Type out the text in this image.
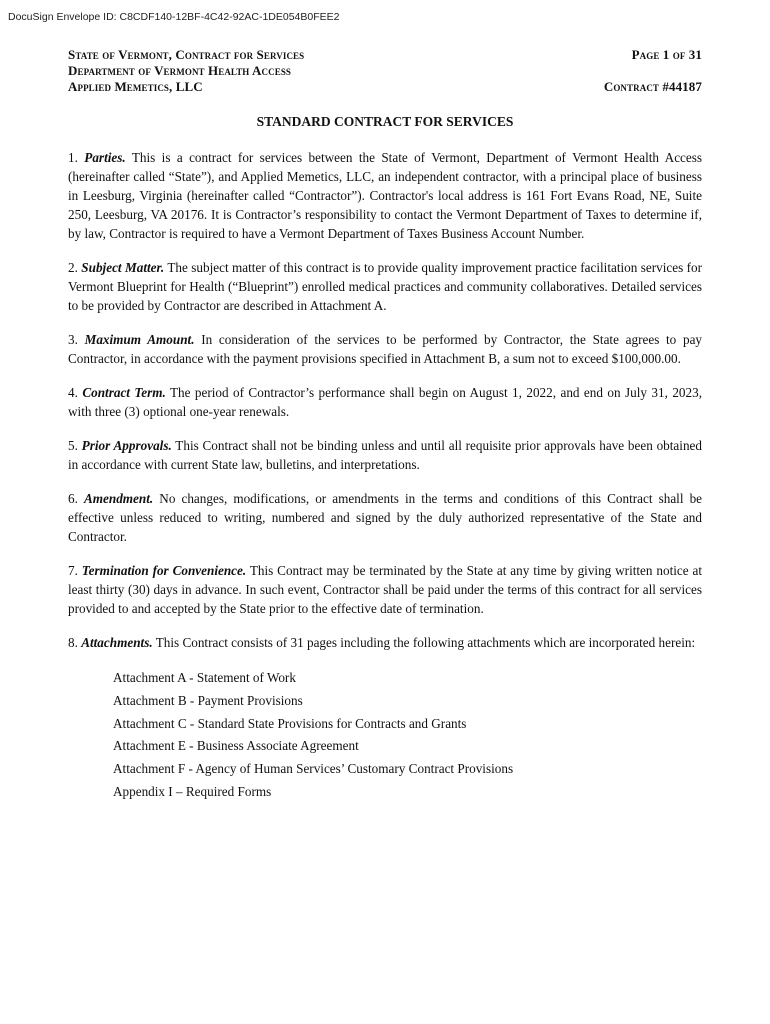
DocuSign Envelope ID: C8CDF140-12BF-4C42-92AC-1DE054B0FEE2
State of Vermont, Contract for Services	Page 1 of 31
Department of Vermont Health Access
Applied Memetics, LLC	Contract #44187
STANDARD CONTRACT FOR SERVICES

1. Parties. This is a contract for services between the State of Vermont, Department of Vermont Health Access (hereinafter called “State”), and Applied Memetics, LLC, an independent contractor, with a principal place of business in Leesburg, Virginia (hereinafter called “Contractor”). Contractor's local address is 161 Fort Evans Road, NE, Suite 250, Leesburg, VA 20176. It is Contractor’s responsibility to contact the Vermont Department of Taxes to determine if, by law, Contractor is required to have a Vermont Department of Taxes Business Account Number.

2. Subject Matter. The subject matter of this contract is to provide quality improvement practice facilitation services for Vermont Blueprint for Health (“Blueprint”) enrolled medical practices and community collaboratives. Detailed services to be provided by Contractor are described in Attachment A.

3. Maximum Amount. In consideration of the services to be performed by Contractor, the State agrees to pay Contractor, in accordance with the payment provisions specified in Attachment B, a sum not to exceed $100,000.00.

4. Contract Term. The period of Contractor’s performance shall begin on August 1, 2022, and end on July 31, 2023, with three (3) optional one-year renewals.

5. Prior Approvals. This Contract shall not be binding unless and until all requisite prior approvals have been obtained in accordance with current State law, bulletins, and interpretations.

6. Amendment. No changes, modifications, or amendments in the terms and conditions of this Contract shall be effective unless reduced to writing, numbered and signed by the duly authorized representative of the State and Contractor.

7. Termination for Convenience. This Contract may be terminated by the State at any time by giving written notice at least thirty (30) days in advance. In such event, Contractor shall be paid under the terms of this contract for all services provided to and accepted by the State prior to the effective date of termination.

8. Attachments. This Contract consists of 31 pages including the following attachments which are incorporated herein:

Attachment A - Statement of Work
Attachment B - Payment Provisions
Attachment C - Standard State Provisions for Contracts and Grants
Attachment E - Business Associate Agreement
Attachment F - Agency of Human Services’ Customary Contract Provisions
Appendix I – Required Forms
